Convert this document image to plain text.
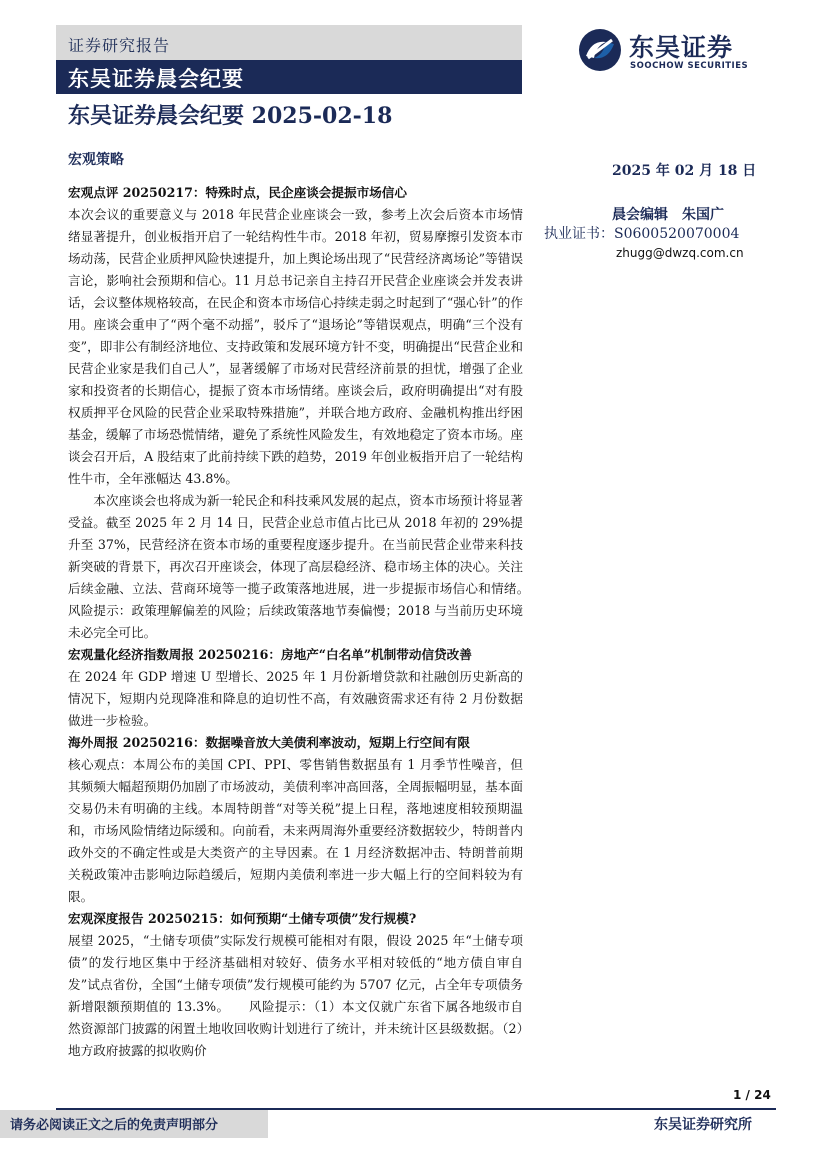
证券研究报告
东吴证券晨会纪要
东吴证券
SOOCHOW SECURITIES
东吴证券晨会纪要 2025-02-18
宏观策略
2025 年 02 月 18 日
晨会编辑　朱国广
执业证书：S0600520070004
zhugg@dwzq.com.cn
宏观点评 20250217：特殊时点，民企座谈会提振市场信心

本次会议的重要意义与 2018 年民营企业座谈会一致，参考上次会后资本市场情绪显著提升，创业板指开启了一轮结构性牛市。2018 年初，贸易摩擦引发资本市场动荡，民营企业质押风险快速提升，加上舆论场出现了“民营经济离场论”等错误言论，影响社会预期和信心。11 月总书记亲自主持召开民营企业座谈会并发表讲话，会议整体规格较高，在民企和资本市场信心持续走弱之时起到了“强心针”的作用。座谈会重申了“两个毫不动摇”，驳斥了“退场论”等错误观点，明确“三个没有变”，即非公有制经济地位、支持政策和发展环境方针不变，明确提出“民营企业和民营企业家是我们自己人”，显著缓解了市场对民营经济前景的担忧，增强了企业家和投资者的长期信心，提振了资本市场情绪。座谈会后，政府明确提出“对有股权质押平仓风险的民营企业采取特殊措施”，并联合地方政府、金融机构推出纾困基金，缓解了市场恐慌情绪，避免了系统性风险发生，有效地稳定了资本市场。座谈会召开后，A 股结束了此前持续下跌的趋势，2019 年创业板指开启了一轮结构性牛市，全年涨幅达 43.8%。

本次座谈会也将成为新一轮民企和科技乘风发展的起点，资本市场预计将显著受益。截至 2025 年 2 月 14 日，民营企业总市值占比已从 2018 年初的 29%提升至 37%，民营经济在资本市场的重要程度逐步提升。在当前民营企业带来科技新突破的背景下，再次召开座谈会，体现了高层稳经济、稳市场主体的决心。关注后续金融、立法、营商环境等一揽子政策落地进展，进一步提振市场信心和情绪。　　风险提示：政策理解偏差的风险；后续政策落地节奏偏慢；2018 与当前历史环境未必完全可比。

宏观量化经济指数周报 20250216：房地产“白名单”机制带动信贷改善

在 2024 年 GDP 增速 U 型增长、2025 年 1 月份新增贷款和社融创历史新高的情况下，短期内兑现降准和降息的迫切性不高，有效融资需求还有待 2 月份数据做进一步检验。

海外周报 20250216：数据噪音放大美债利率波动，短期上行空间有限

核心观点：本周公布的美国 CPI、PPI、零售销售数据虽有 1 月季节性噪音，但其频频大幅超预期仍加剧了市场波动，美债利率冲高回落，全周振幅明显，基本面交易仍未有明确的主线。本周特朗普“对等关税”提上日程，落地速度相较预期温和，市场风险情绪边际缓和。向前看，未来两周海外重要经济数据较少，特朗普内政外交的不确定性或是大类资产的主导因素。在 1 月经济数据冲击、特朗普前期关税政策冲击影响边际趋缓后，短期内美债利率进一步大幅上行的空间料较为有限。

宏观深度报告 20250215：如何预期“土储专项债”发行规模?

展望 2025，“土储专项债”实际发行规模可能相对有限，假设 2025 年“土储专项债”的发行地区集中于经济基础相对较好、债务水平相对较低的“地方债自审自发”试点省份，全国“土储专项债”发行规模可能约为 5707 亿元，占全年专项债务新增限额预期值的 13.3%。　　风险提示：（1）本文仅就广东省下属各地级市自然资源部门披露的闲置土地收回收购计划进行了统计，并未统计区县级数据。（2）地方政府披露的拟收购价

1 / 24
请务必阅读正文之后的免责声明部分	东吴证券研究所
